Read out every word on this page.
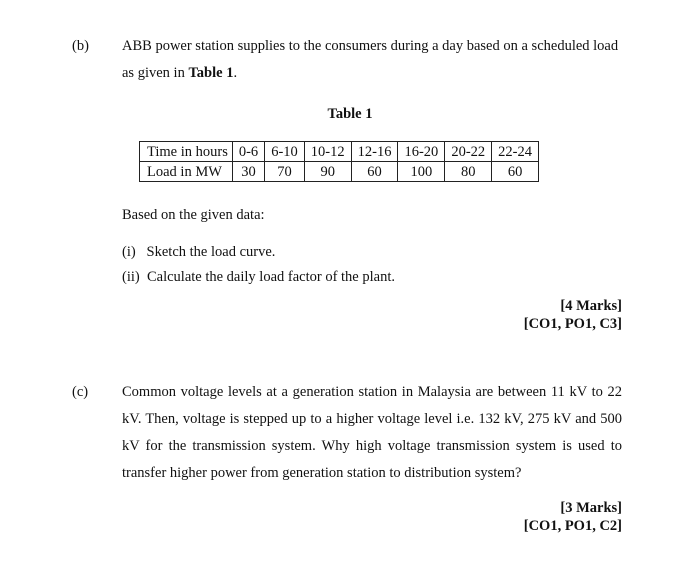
(b) ABB power station supplies to the consumers during a day based on a scheduled load as given in Table 1.
Table 1
Time in hours	0-6	6-10	10-12	12-16	16-20	20-22	22-24
Load in MW	30	70	90	60	100	80	60
Based on the given data:
(i)   Sketch the load curve.
(ii)  Calculate the daily load factor of the plant.
[4 Marks]
[CO1, PO1, C3]
(c) Common voltage levels at a generation station in Malaysia are between 11 kV to 22 kV. Then, voltage is stepped up to a higher voltage level i.e. 132 kV, 275 kV and 500 kV for the transmission system. Why high voltage transmission system is used to transfer higher power from generation station to distribution system?
[3 Marks]
[CO1, PO1, C2]
